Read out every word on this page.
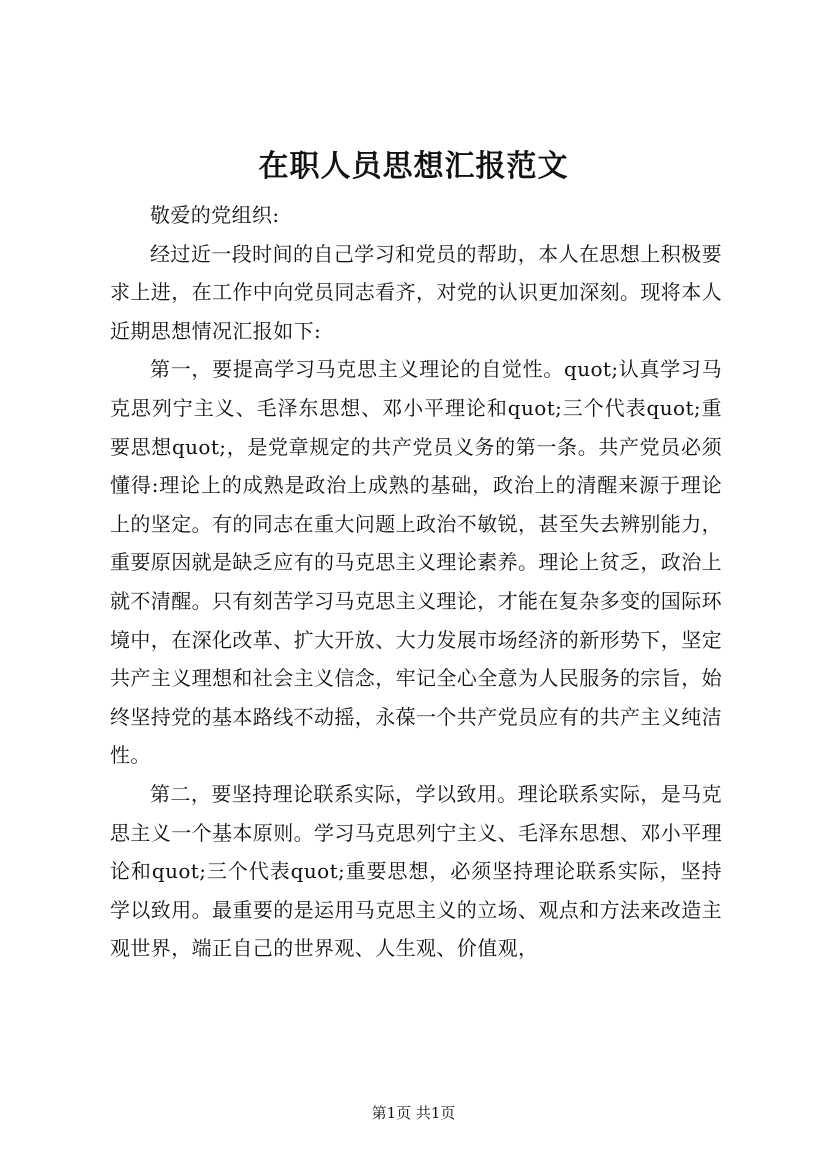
在职人员思想汇报范文

敬爱的党组织:

经过近一段时间的自己学习和党员的帮助，本人在思想上积极要求上进，在工作中向党员同志看齐，对党的认识更加深刻。现将本人近期思想情况汇报如下:

第一，要提高学习马克思主义理论的自觉性。quot;认真学习马克思列宁主义、毛泽东思想、邓小平理论和quot;三个代表quot;重要思想quot;，是党章规定的共产党员义务的第一条。共产党员必须懂得:理论上的成熟是政治上成熟的基础，政治上的清醒来源于理论上的坚定。有的同志在重大问题上政治不敏锐，甚至失去辨别能力，重要原因就是缺乏应有的马克思主义理论素养。理论上贫乏，政治上就不清醒。只有刻苦学习马克思主义理论，才能在复杂多变的国际环境中，在深化改革、扩大开放、大力发展市场经济的新形势下，坚定共产主义理想和社会主义信念，牢记全心全意为人民服务的宗旨，始终坚持党的基本路线不动摇，永葆一个共产党员应有的共产主义纯洁性。

第二，要坚持理论联系实际，学以致用。理论联系实际，是马克思主义一个基本原则。学习马克思列宁主义、毛泽东思想、邓小平理论和quot;三个代表quot;重要思想，必须坚持理论联系实际，坚持学以致用。最重要的是运用马克思主义的立场、观点和方法来改造主观世界，端正自己的世界观、人生观、价值观，

第1页 共1页
